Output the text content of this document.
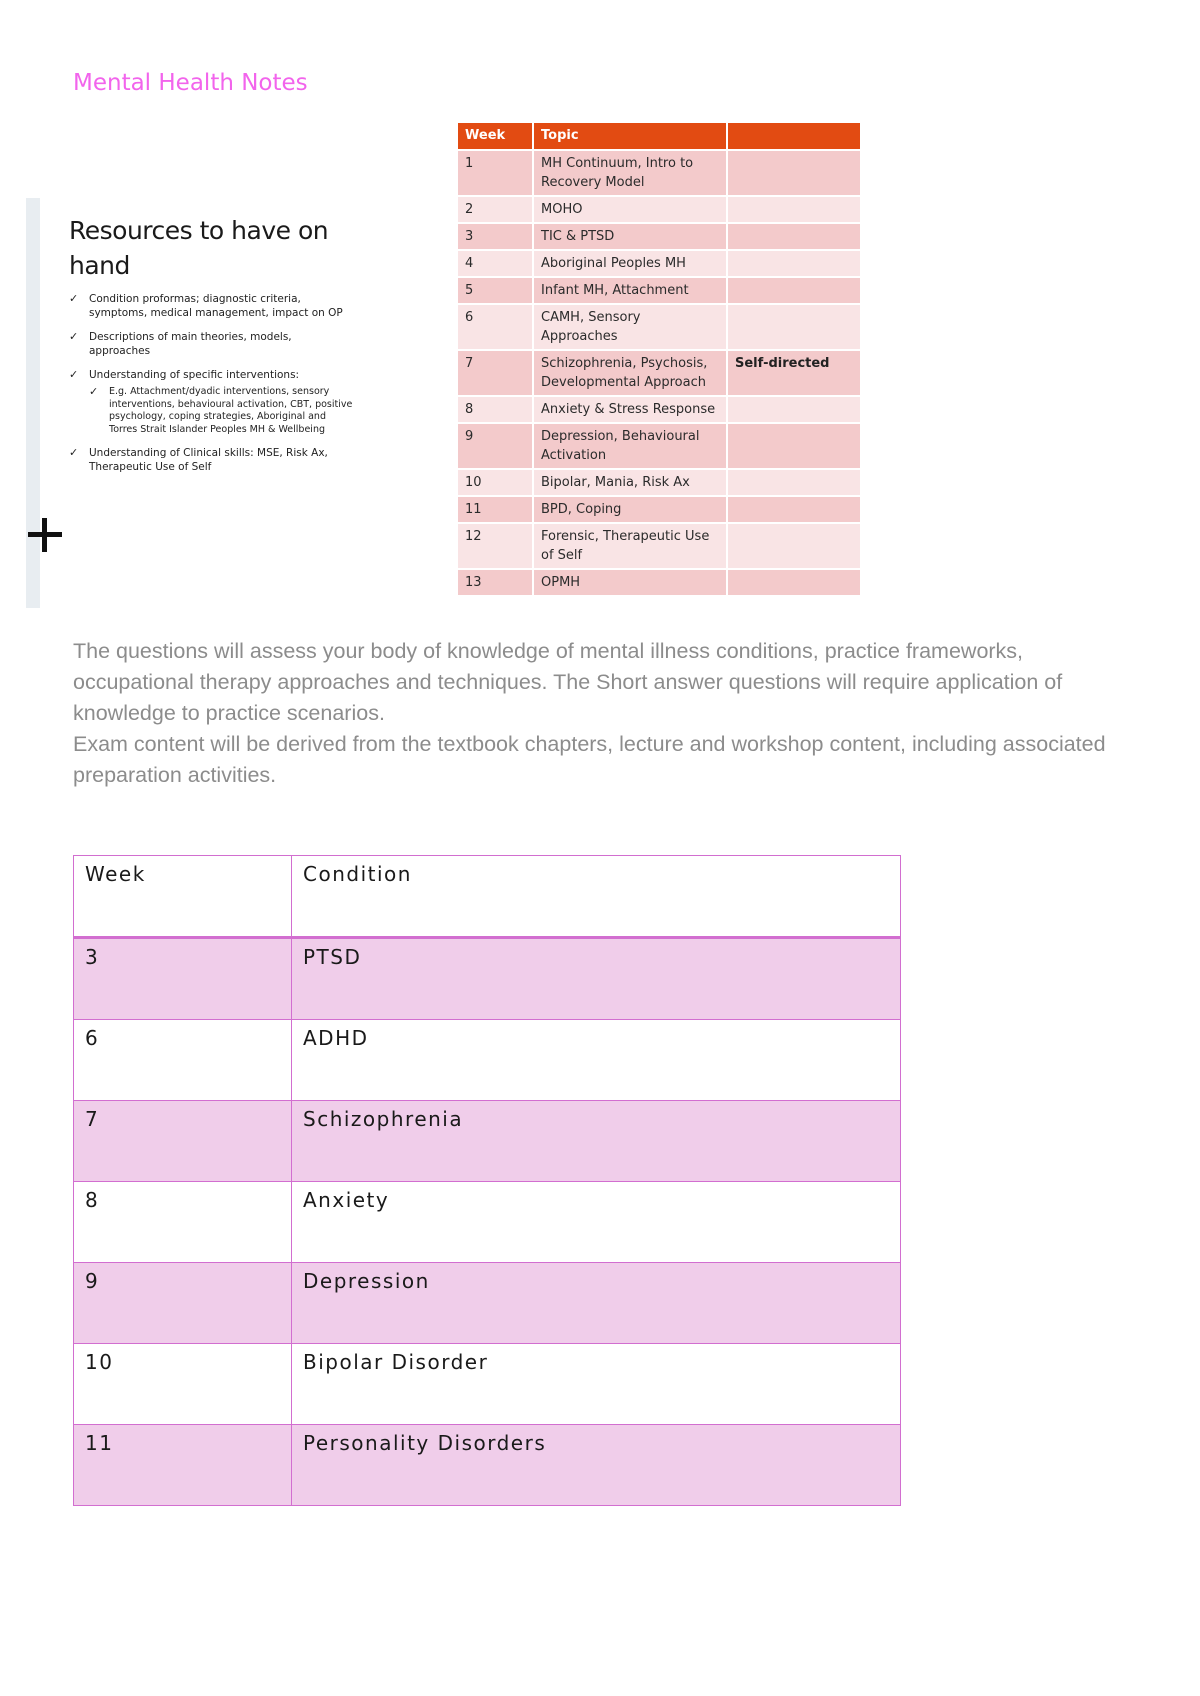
Mental Health Notes
Resources to have on hand
✓ Condition proformas; diagnostic criteria, symptoms, medical management, impact on OP
✓ Descriptions of main theories, models, approaches
✓ Understanding of specific interventions:
✓ E.g. Attachment/dyadic interventions, sensory interventions, behavioural activation, CBT, positive psychology, coping strategies, Aboriginal and Torres Strait Islander Peoples MH & Wellbeing
✓ Understanding of Clinical skills: MSE, Risk Ax, Therapeutic Use of Self
Week	Topic	
1	MH Continuum, Intro to Recovery Model	
2	MOHO	
3	TIC & PTSD	
4	Aboriginal Peoples MH	
5	Infant MH, Attachment	
6	CAMH, Sensory Approaches	
7	Schizophrenia, Psychosis, Developmental Approach	Self-directed
8	Anxiety & Stress Response	
9	Depression, Behavioural Activation	
10	Bipolar, Mania, Risk Ax	
11	BPD, Coping	
12	Forensic, Therapeutic Use of Self	
13	OPMH	
The questions will assess your body of knowledge of mental illness conditions, practice frameworks, occupational therapy approaches and techniques. The Short answer questions will require application of knowledge to practice scenarios.
Exam content will be derived from the textbook chapters, lecture and workshop content, including associated preparation activities.
Week	Condition
3	PTSD
6	ADHD
7	Schizophrenia
8	Anxiety
9	Depression
10	Bipolar Disorder
11	Personality Disorders
